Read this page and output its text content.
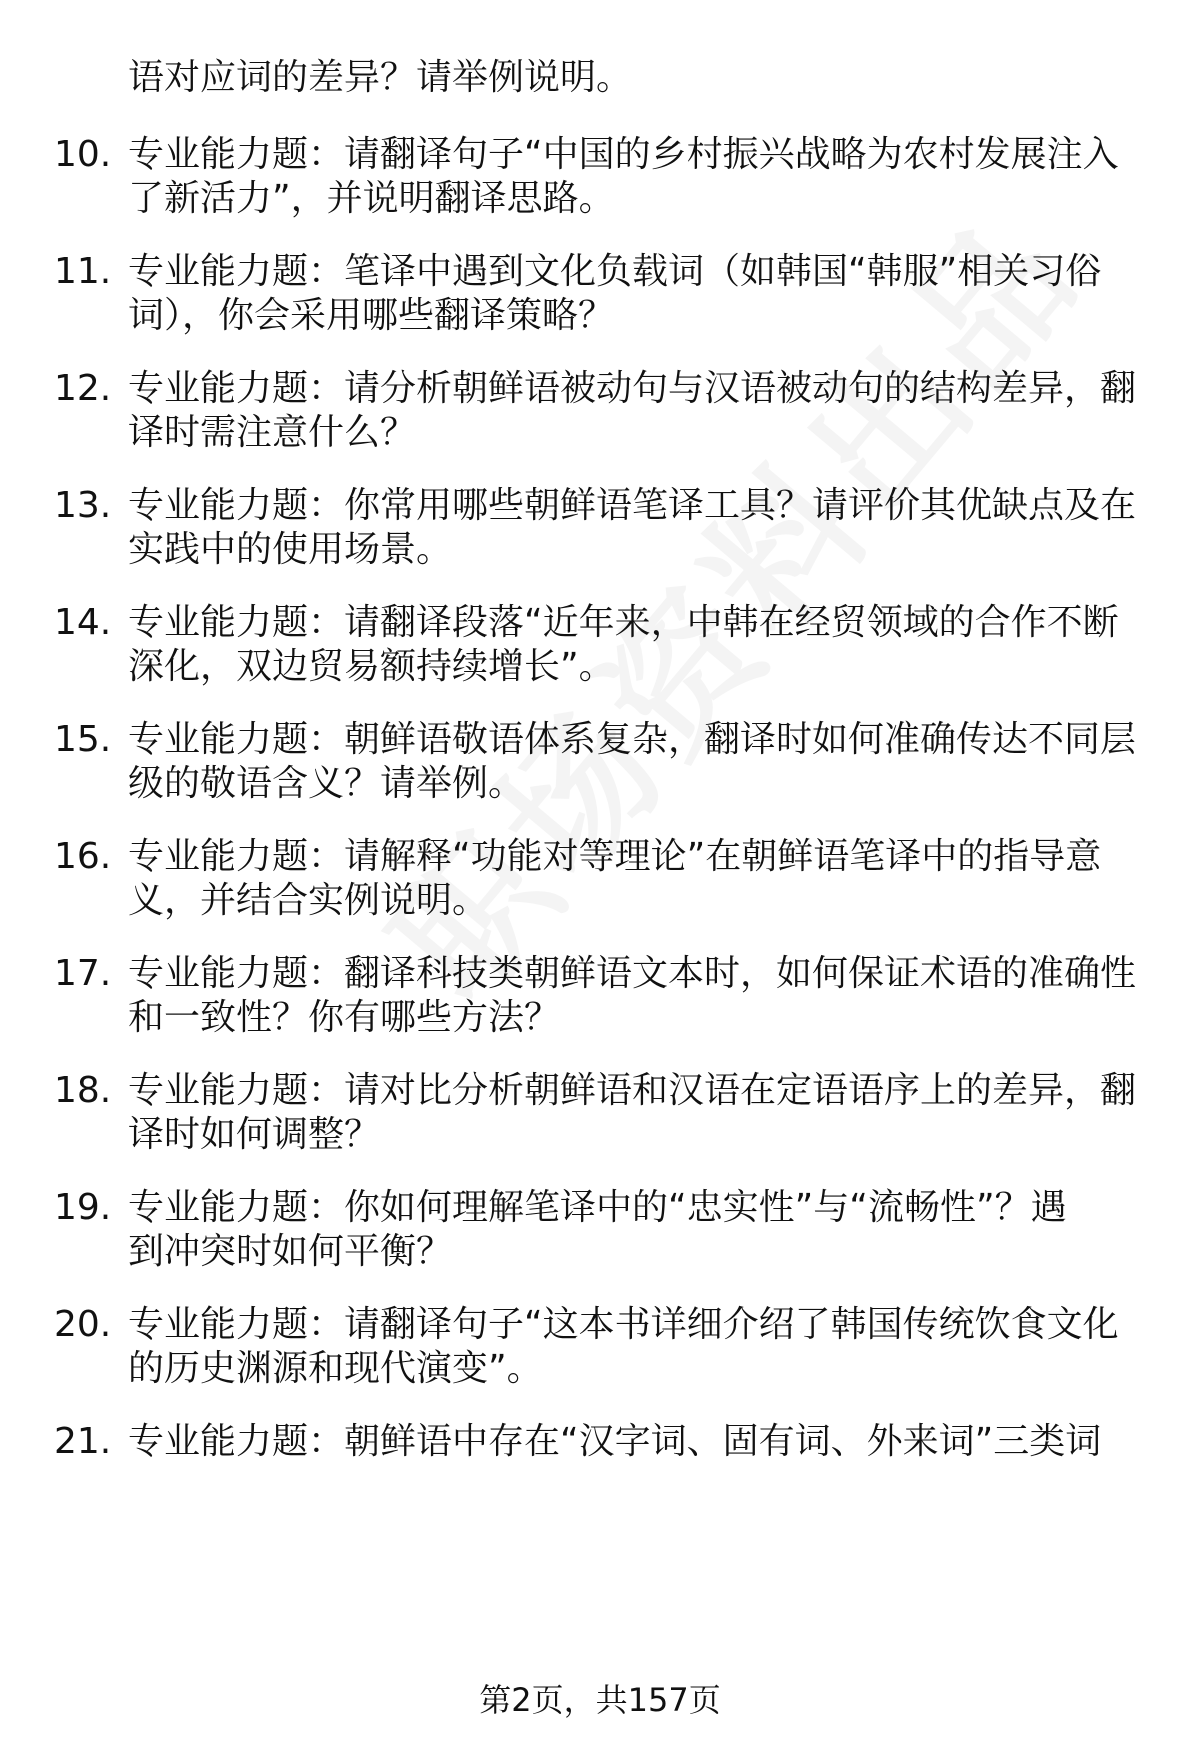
语对应词的差异？请举例说明。
10. 专业能力题：请翻译句子“中国的乡村振兴战略为农村发展注入
了新活力”，并说明翻译思路。
11. 专业能力题：笔译中遇到文化负载词（如韩国“韩服”相关习俗
词），你会采用哪些翻译策略？
12. 专业能力题：请分析朝鲜语被动句与汉语被动句的结构差异，翻
译时需注意什么？
13. 专业能力题：你常用哪些朝鲜语笔译工具？请评价其优缺点及在
实践中的使用场景。
14. 专业能力题：请翻译段落“近年来，中韩在经贸领域的合作不断
深化，双边贸易额持续增长”。
15. 专业能力题：朝鲜语敬语体系复杂，翻译时如何准确传达不同层
级的敬语含义？请举例。
16. 专业能力题：请解释“功能对等理论”在朝鲜语笔译中的指导意
义，并结合实例说明。
17. 专业能力题：翻译科技类朝鲜语文本时，如何保证术语的准确性
和一致性？你有哪些方法？
18. 专业能力题：请对比分析朝鲜语和汉语在定语语序上的差异，翻
译时如何调整？
19. 专业能力题：你如何理解笔译中的“忠实性”与“流畅性”？遇
到冲突时如何平衡？
20. 专业能力题：请翻译句子“这本书详细介绍了韩国传统饮食文化
的历史渊源和现代演变”。
21. 专业能力题：朝鲜语中存在“汉字词、固有词、外来词”三类词
第2页，共157页
